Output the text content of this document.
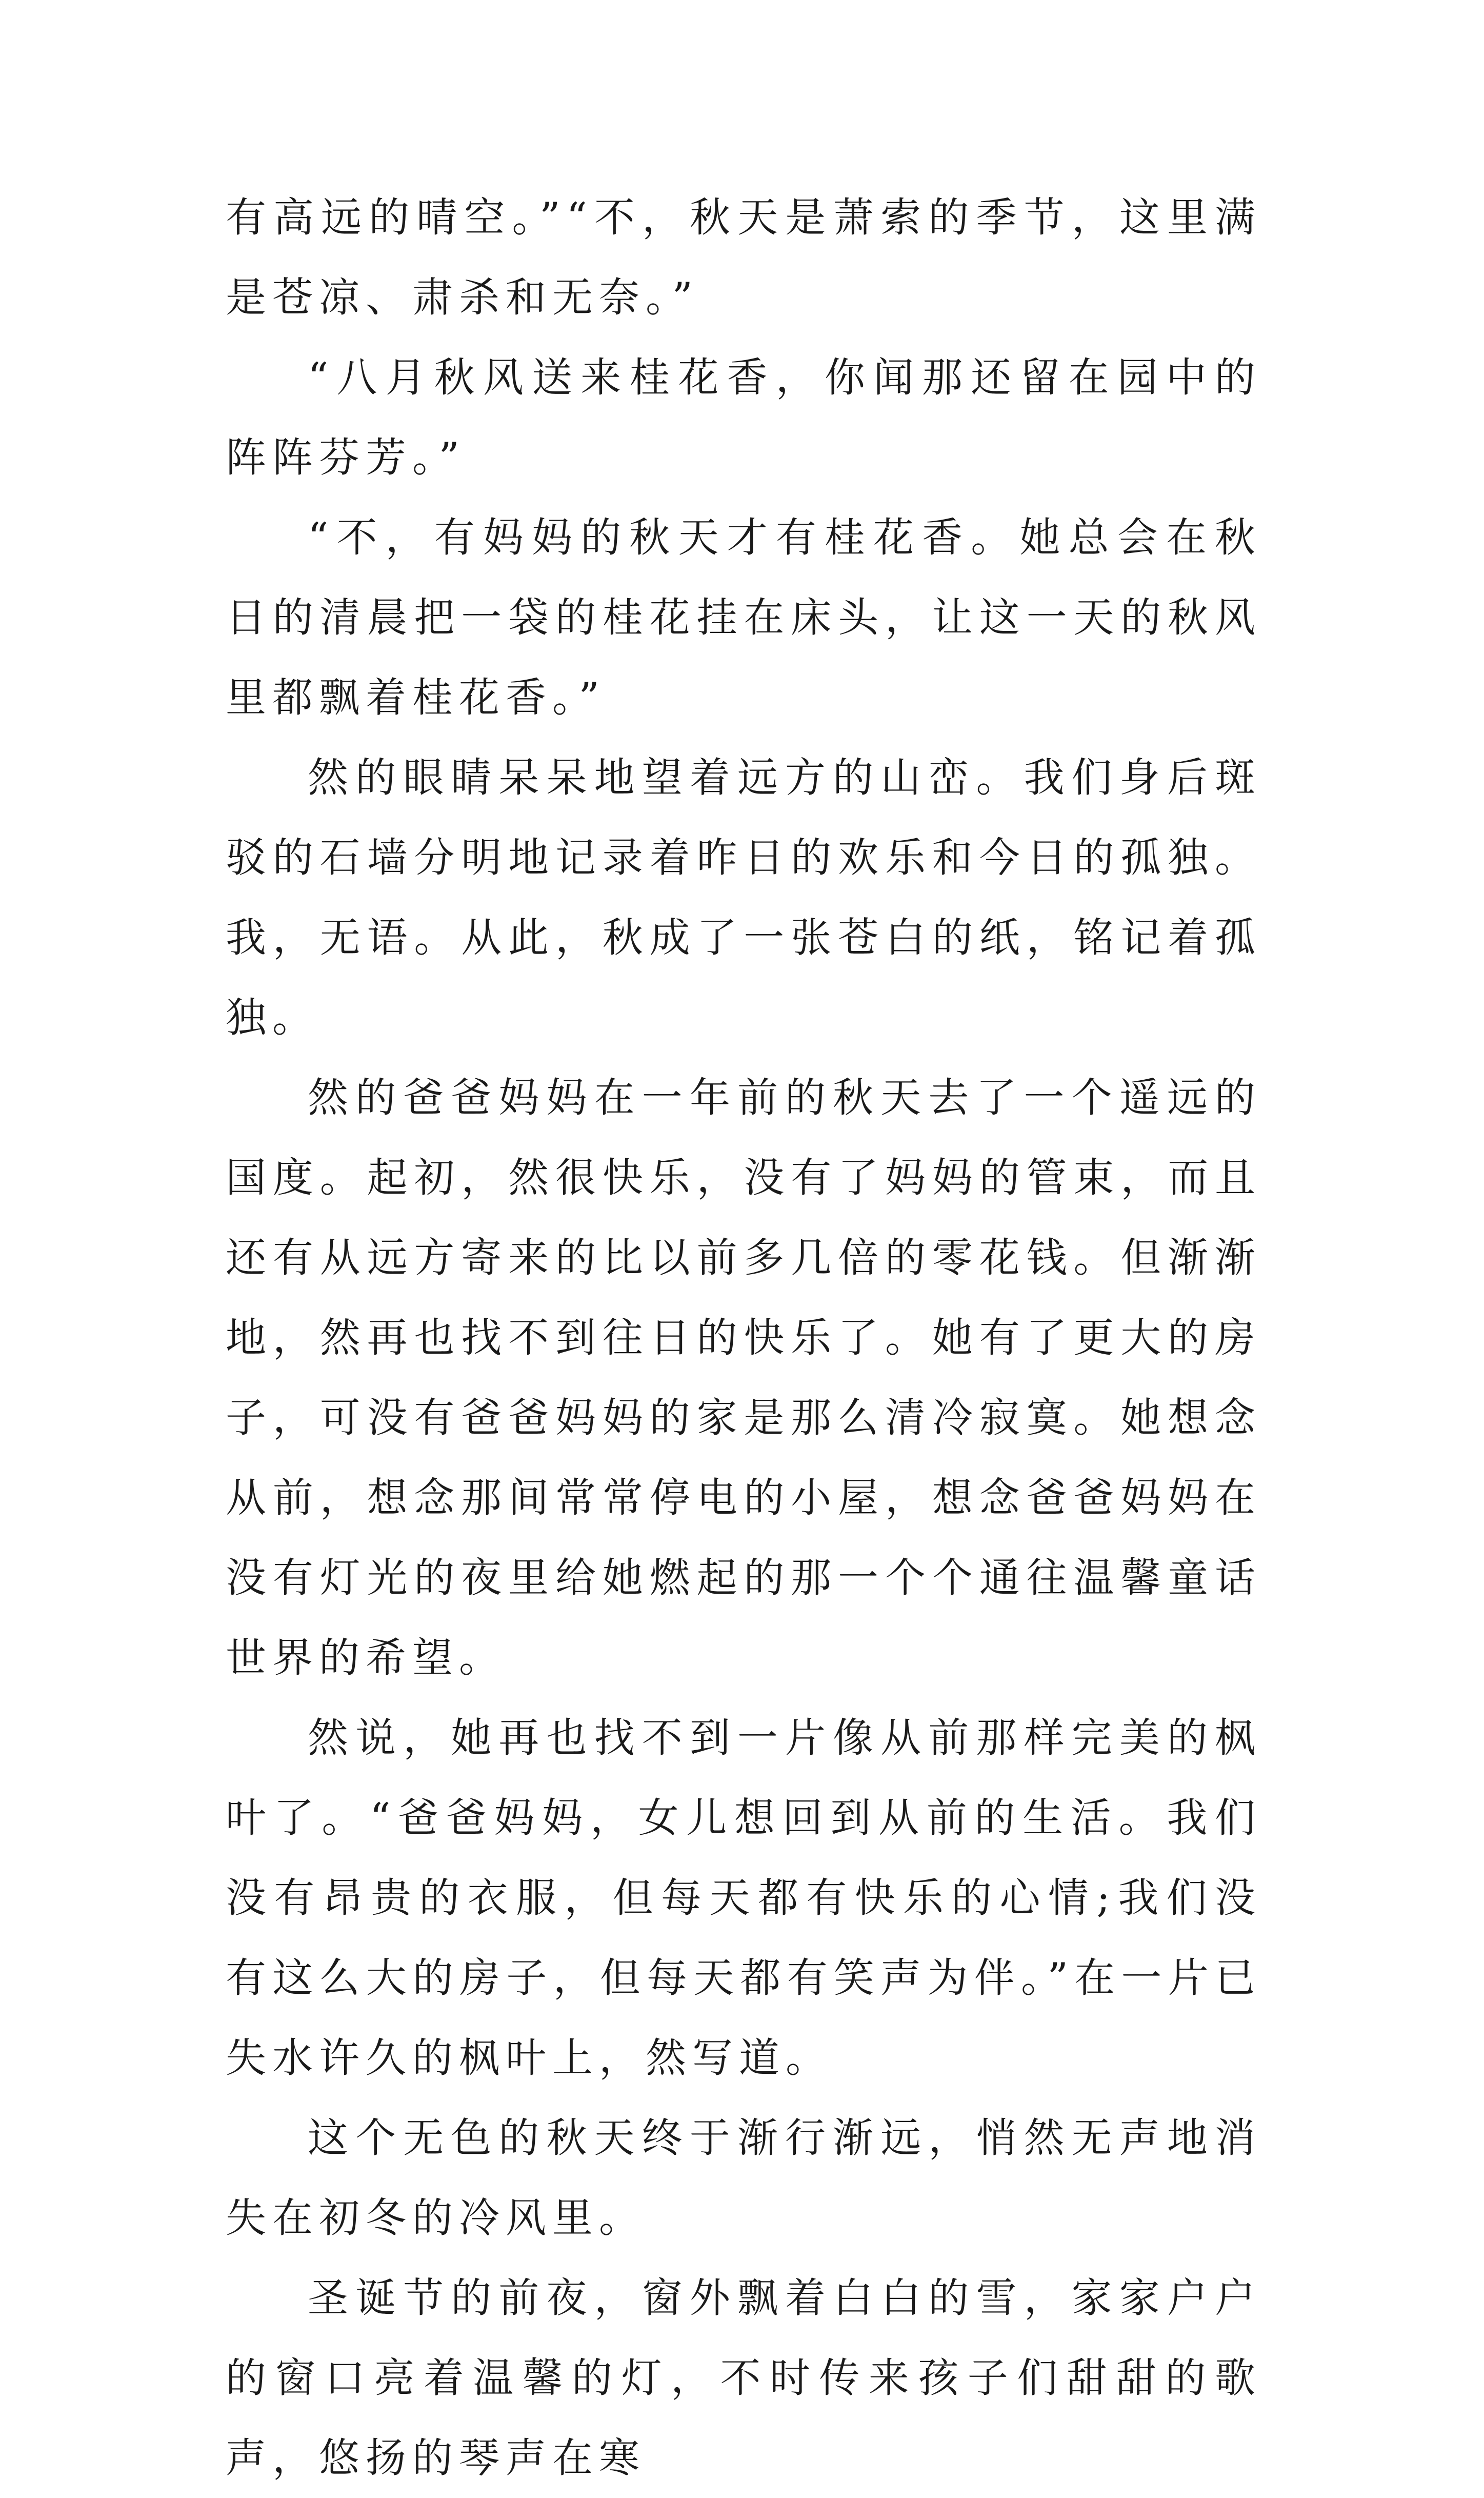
有高远的晴空。”“不，秋天是萧索的季节，这里满是苍凉、肃杀和无奈。”

“八月秋风送来桂花香，你闻那还留在园中的阵阵芬芳。”

“不，有妈妈的秋天才有桂花香。她总会在秋日的清晨把一袋的桂花挂在床头，让这一天的秋风里都飘着桂花香。”

然的眼睛呆呆地望着远方的山峦。我们身后斑驳的石墙分明地记录着昨日的欢乐和今日的孤独。我，无语。从此，秋成了一张苍白的纸，铭记着孤独。

然的爸爸妈妈在一年前的秋天去了一个遥远的国度。起初，然很快乐，没有了妈妈的管束，而且还有从远方寄来的比以前多几倍的零花钱。但渐渐地，然再也找不到往日的快乐了。她有了更大的房子，可没有爸爸妈妈的家是那么清冷寂寞。她想念从前，想念那间常常停电的小屋，想念爸爸妈妈在没有灯光的夜里给她燃起的那一个个通往温馨童话世界的希望。

然说，她再也找不到一片像从前那样完美的枫叶了。“爸爸妈妈，女儿想回到从前的生活。我们没有昂贵的衣服，但每天都有快乐的心情;我们没有这么大的房子，但每天都有笑声为伴。”在一片已失水许久的枫叶上，然写道。

这个无色的秋天终于渐行渐远，悄然无声地消失在初冬的冷风里。

圣诞节的前夜，窗外飘着白白的雪，家家户户的窗口亮着温馨的灯，不时传来孩子们甜甜的歌声，悠扬的琴声在寒
